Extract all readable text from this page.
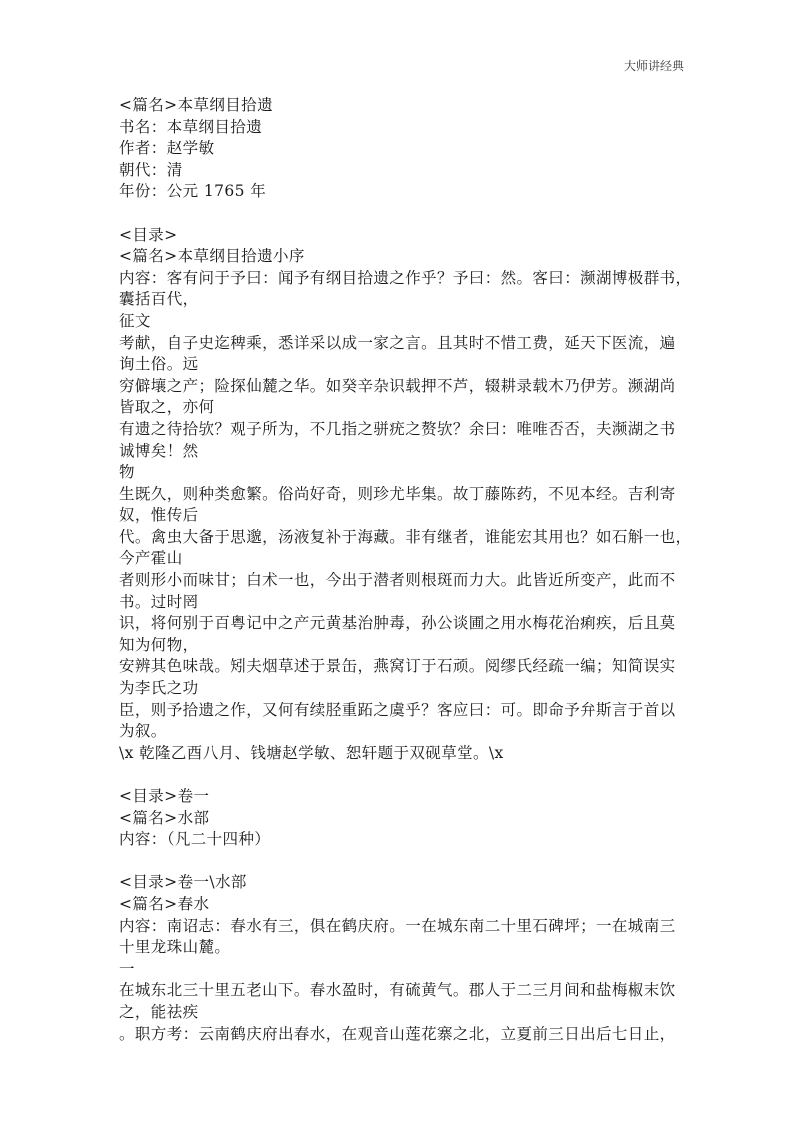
大师讲经典
<篇名>本草纲目拾遗
书名：本草纲目拾遗
作者：赵学敏
朝代：清
年份：公元 1765 年
<目录>
<篇名>本草纲目拾遗小序
内容：客有问于予曰：闻予有纲目拾遗之作乎？予曰：然。客曰：濒湖博极群书，
囊括百代，
征文
考献，自子史迄稗乘，悉详采以成一家之言。且其时不惜工费，延天下医流，遍
询土俗。远
穷僻壤之产；险探仙麓之华。如癸辛杂识载押不芦，辍耕录载木乃伊芳。濒湖尚
皆取之，亦何
有遗之待拾欤？观子所为，不几指之骈疣之赘欤？余曰：唯唯否否，夫濒湖之书
诚博矣！然
物
生既久，则种类愈繁。俗尚好奇，则珍尤毕集。故丁藤陈药，不见本经。吉利寄
奴，惟传后
代。禽虫大备于思邈，汤液复补于海藏。非有继者，谁能宏其用也？如石斛一也，
今产霍山
者则形小而味甘；白术一也，今出于潜者则根斑而力大。此皆近所变产，此而不
书。过时罔
识，将何别于百粤记中之产元黄基治肿毒，孙公谈圃之用水梅花治痢疾，后且莫
知为何物，
安辨其色味哉。矧夫烟草述于景缶，燕窝订于石顽。阅缪氏经疏一编；知简误实
为李氏之功
臣，则予拾遗之作，又何有续胫重跖之虞乎？客应曰：可。即命予弁斯言于首以
为叙。
\x 乾隆乙酉八月、钱塘赵学敏、恕轩题于双砚草堂。\x
<目录>卷一
<篇名>水部
内容：（凡二十四种）
<目录>卷一\水部
<篇名>春水
内容：南诏志：春水有三，俱在鹤庆府。一在城东南二十里石碑坪；一在城南三
十里龙珠山麓。
一
在城东北三十里五老山下。春水盈时，有硫黄气。郡人于二三月间和盐梅椒末饮
之，能祛疾
。职方考：云南鹤庆府出春水，在观音山莲花寨之北，立夏前三日出后七日止，
